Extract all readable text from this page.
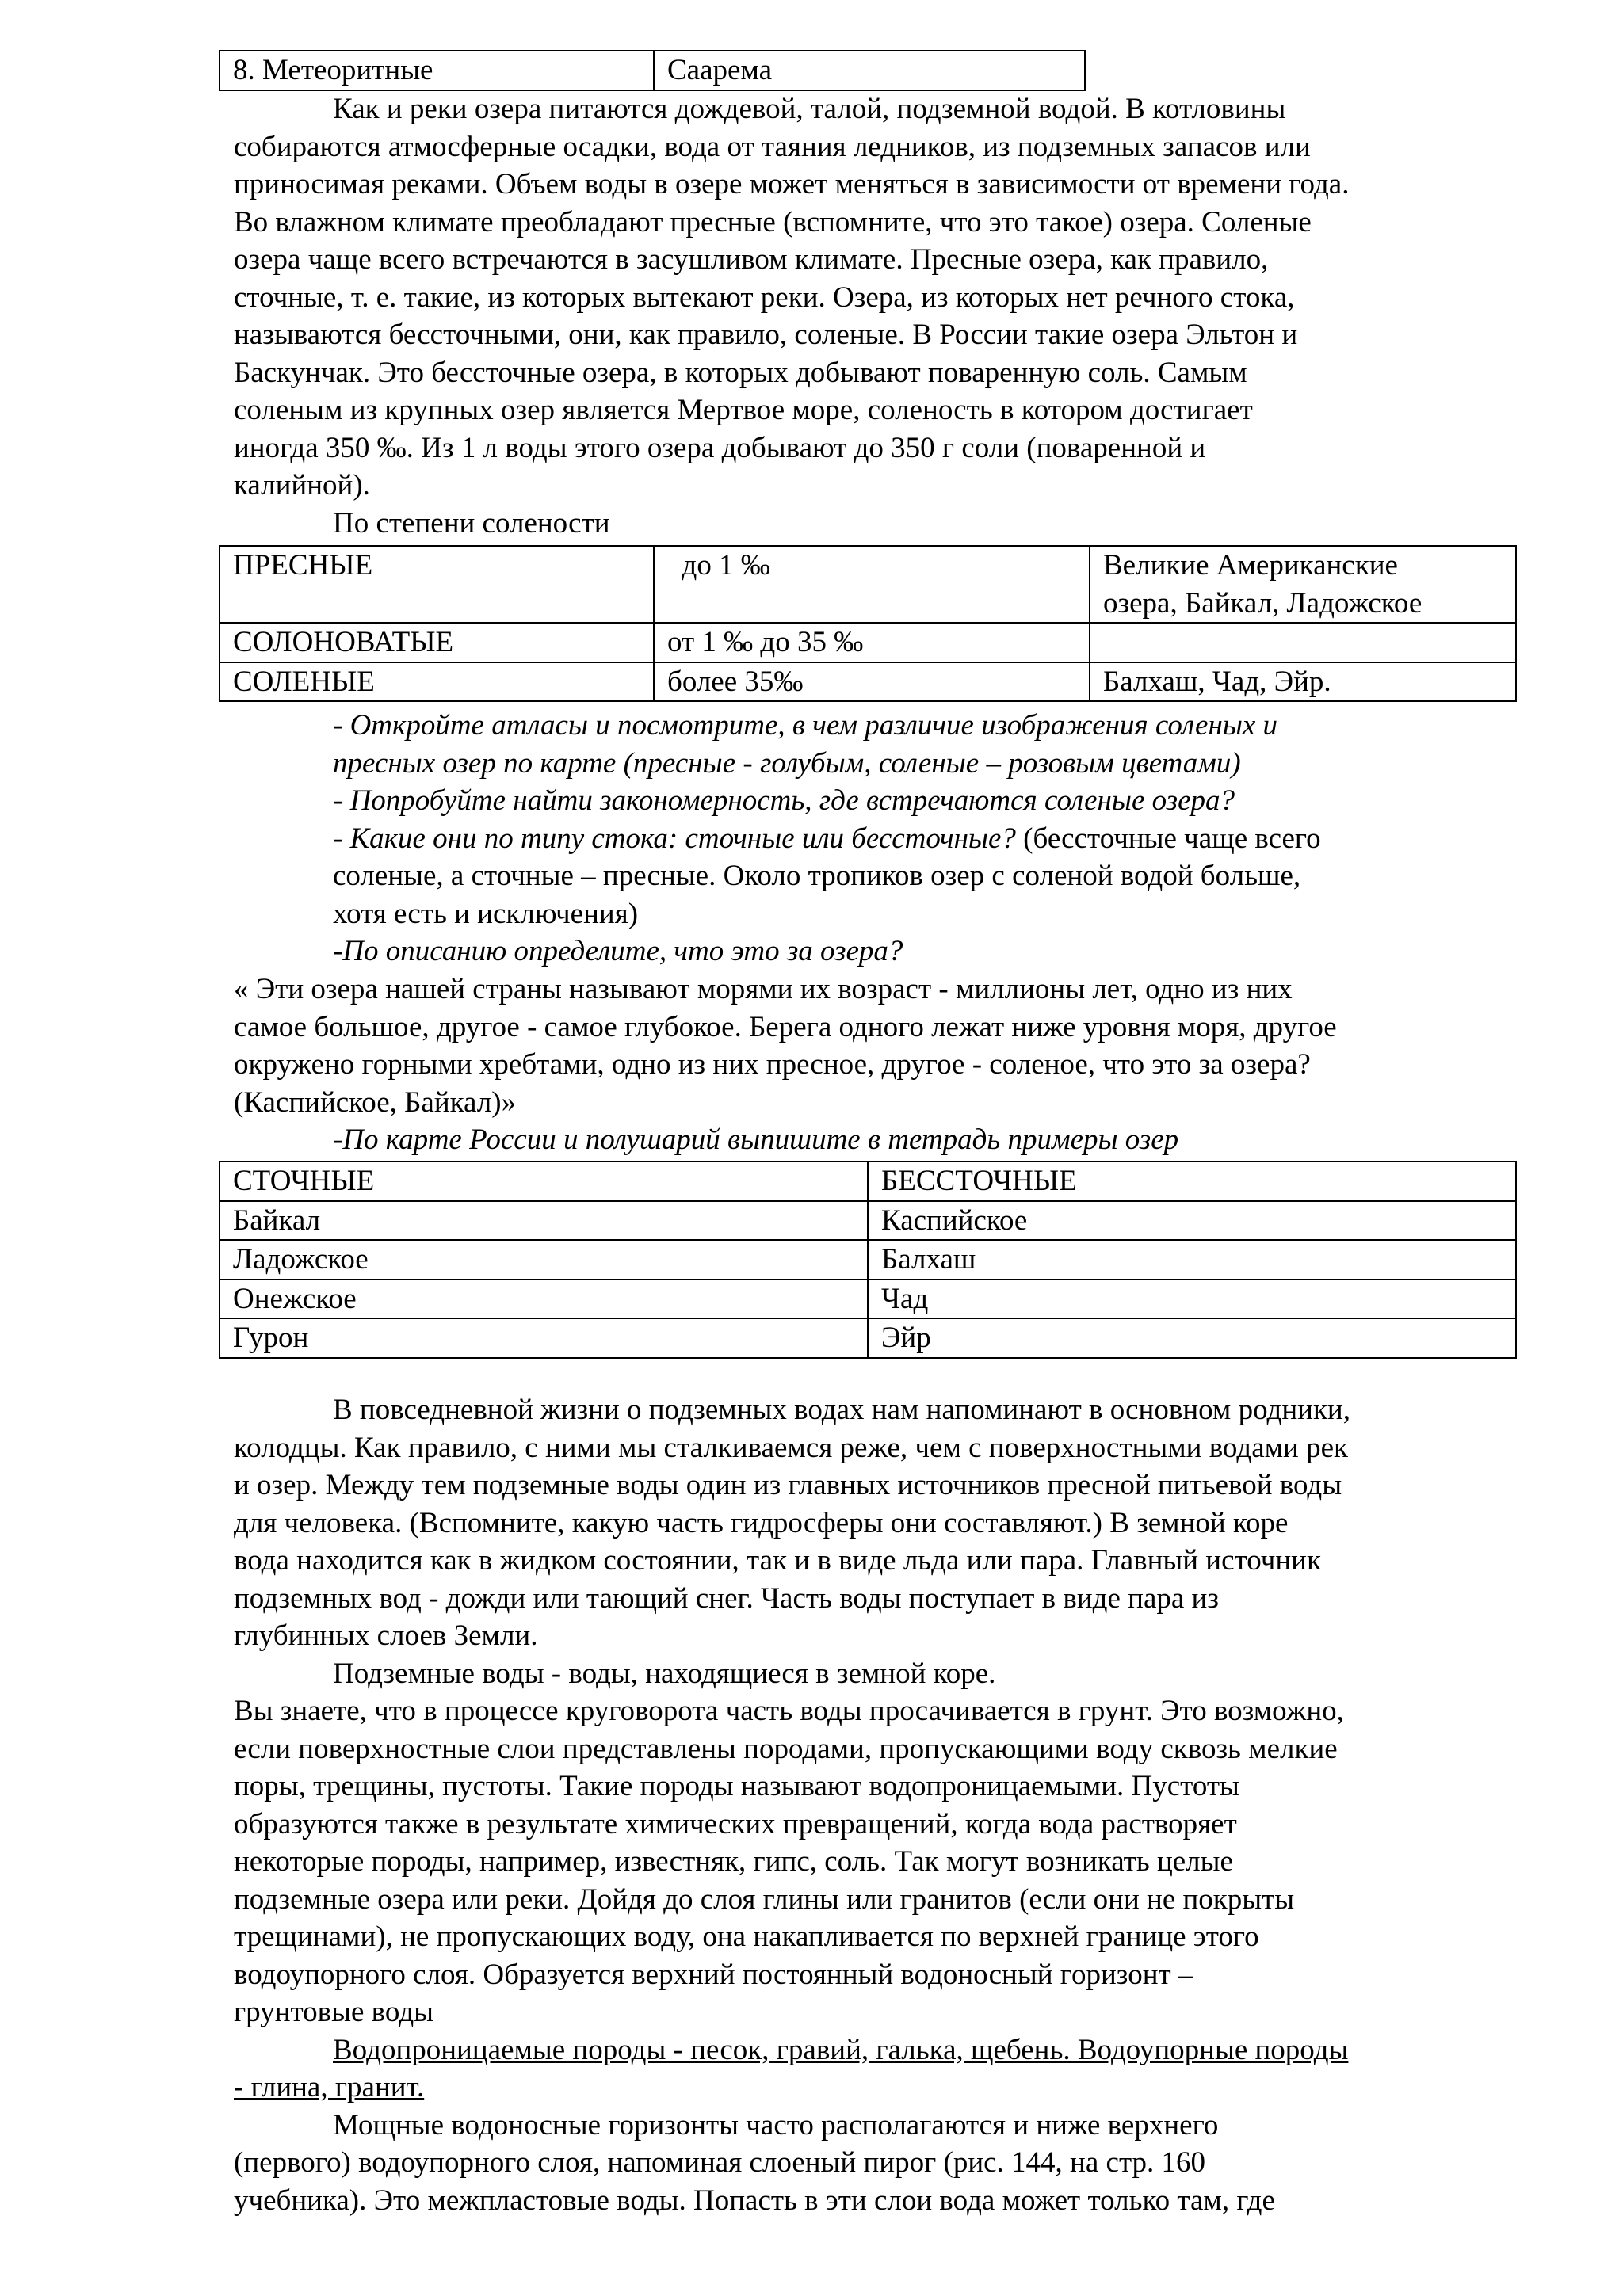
8. Метеоритные	Саарема
Как и реки озера питаются дождевой, талой, подземной водой. В котловины
собираются атмосферные осадки, вода от таяния ледников, из подземных запасов или
приносимая реками. Объем воды в озере может меняться в зависимости от времени года.
Во влажном климате преобладают пресные (вспомните, что это такое) озера. Соленые
озера чаще всего встречаются в засушливом климате. Пресные озера, как правило,
сточные, т. е. такие, из которых вытекают реки. Озера, из которых нет речного стока,
называются бессточными, они, как правило, соленые. В России такие озера Эльтон и
Баскунчак. Это бессточные озера, в которых добывают поваренную соль. Самым
соленым из крупных озер является Мертвое море, соленость в котором достигает
иногда 350 ‰. Из 1 л воды этого озера добывают до 350 г соли (поваренной и
калийной).
По степени солености
ПРЕСНЫЕ	до 1 ‰	Великие Американские
озера, Байкал, Ладожское

СОЛОНОВАТЫЕ	от 1 ‰ до 35 ‰	
СОЛЕНЫЕ	более 35‰	Балхаш, Чад, Эйр.
- Откройте атласы и посмотрите, в чем различие изображения соленых и
пресных озер по карте (пресные - голубым, соленые – розовым цветами)
- Попробуйте найти закономерность, где встречаются соленые озера?
- Какие они по типу стока: сточные или бессточные? (бессточные чаще всего
соленые, а сточные – пресные. Около тропиков озер с соленой водой больше,
хотя есть и исключения)
-По описанию определите, что это за озера?
« Эти озера нашей страны называют морями их возраст - миллионы лет, одно из них
самое большое, другое - самое глубокое. Берега одного лежат ниже уровня моря, другое
окружено горными хребтами, одно из них пресное, другое - соленое, что это за озера?
(Каспийское, Байкал)»
-По карте России и полушарий выпишите в тетрадь примеры озер
СТОЧНЫЕ	БЕССТОЧНЫЕ
Байкал	Каспийское
Ладожское	Балхаш
Онежское	Чад
Гурон	Эйр
В повседневной жизни о подземных водах нам напоминают в основном родники,
колодцы. Как правило, с ними мы сталкиваемся реже, чем с поверхностными водами рек
и озер. Между тем подземные воды один из главных источников пресной питьевой воды
для человека. (Вспомните, какую часть гидросферы они составляют.) В земной коре
вода находится как в жидком состоянии, так и в виде льда или пара. Главный источник
подземных вод - дожди или тающий снег. Часть воды поступает в виде пара из
глубинных слоев Земли.
Подземные воды - воды, находящиеся в земной коре.
Вы знаете, что в процессе круговорота часть воды просачивается в грунт. Это возможно,
если поверхностные слои представлены породами, пропускающими воду сквозь мелкие
поры, трещины, пустоты. Такие породы называют водопроницаемыми. Пустоты
образуются также в результате химических превращений, когда вода растворяет
некоторые породы, например, известняк, гипс, соль. Так могут возникать целые
подземные озера или реки. Дойдя до слоя глины или гранитов (если они не покрыты
трещинами), не пропускающих воду, она накапливается по верхней границе этого
водоупорного слоя. Образуется верхний постоянный водоносный горизонт –
грунтовые воды
Водопроницаемые породы - песок, гравий, галька, щебень. Водоупорные породы
- глина, гранит.
Мощные водоносные горизонты часто располагаются и ниже верхнего
(первого) водоупорного слоя, напоминая слоеный пирог (рис. 144, на стр. 160
учебника). Это межпластовые воды. Попасть в эти слои вода может только там, где
